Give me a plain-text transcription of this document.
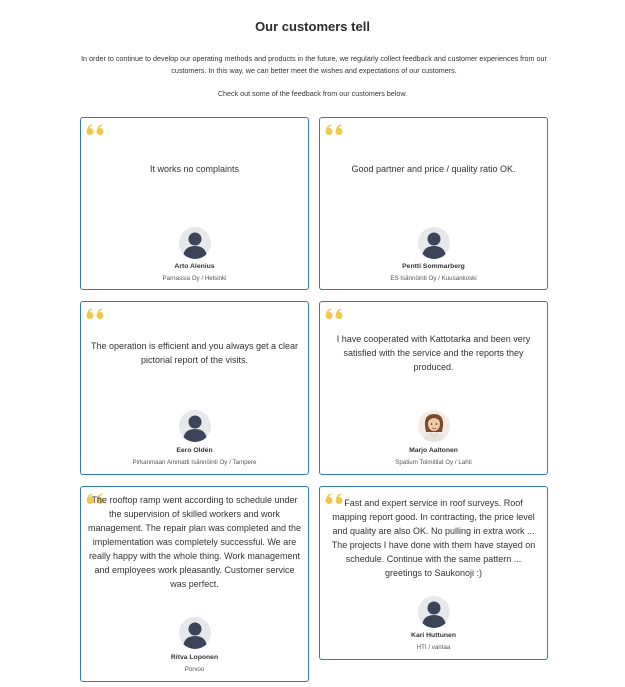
Our customers tell

In order to continue to develop our operating methods and products in the future, we regularly collect feedback and customer experiences from our customers. In this way, we can better meet the wishes and expectations of our customers.

Check out some of the feedback from our customers below.

It works no complaints

Arto Alenius

Parnassia Oy / Helsinki

Good partner and price / quality ratio OK.

Pentti Sommarberg

ES Isännöinti Oy / Kuusankoski

The operation is efficient and you always get a clear pictorial report of the visits.

Eero Oldén

Pirkanmaan Ammatti Isännöinti Oy / Tampere

I have cooperated with Kattotarka and been very satisfied with the service and the reports they produced.

Marjo Aaltonen

Spatium Toimitilat Oy / Lahti

The rooftop ramp went according to schedule under the supervision of skilled workers and work management. The repair plan was completed and the implementation was completely successful. We are really happy with the whole thing. Work management and employees work pleasantly. Customer service was perfect.

Ritva Loponen

Porvoo

Fast and expert service in roof surveys. Roof mapping report good. In contracting, the price level and quality are also OK. No pulling in extra work ... The projects I have done with them have stayed on schedule. Continue with the same pattern ... greetings to Saukonoji :)

Kari Huttunen

HTI / vantaa
